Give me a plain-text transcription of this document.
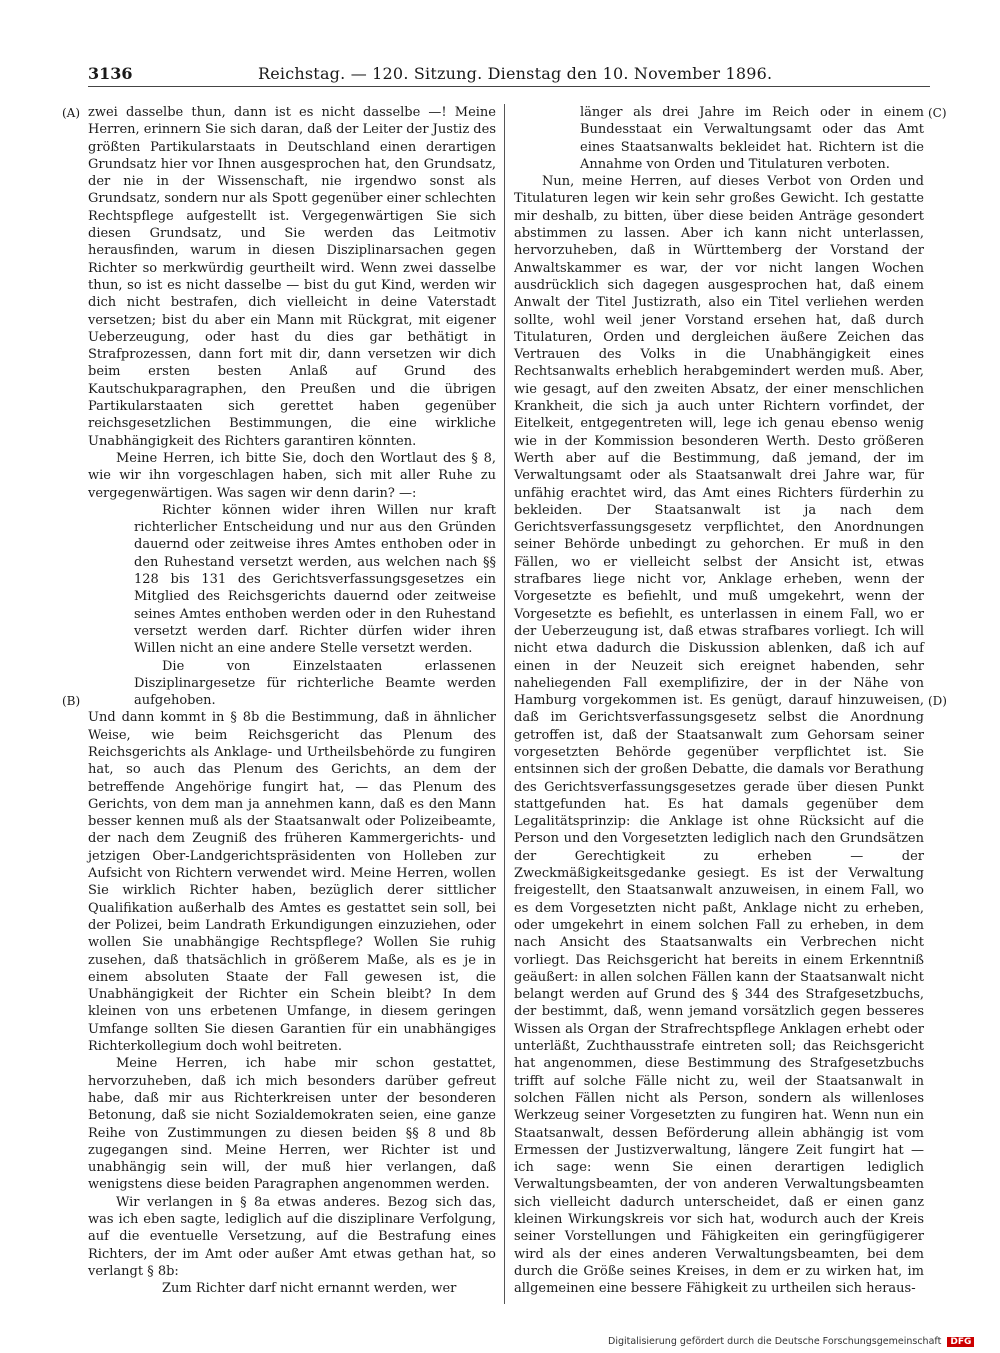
3136	Reichstag. — 120. Sitzung. Dienstag den 10. November 1896.
(A)
(B)
(C)
(D)

zwei dasselbe thun, dann ist es nicht dasselbe —! Meine Herren, erinnern Sie sich daran, daß der Leiter der Justiz des größten Partikularstaats in Deutschland einen derartigen Grundsatz hier vor Ihnen ausgesprochen hat, den Grundsatz, der nie in der Wissenschaft, nie irgendwo sonst als Grundsatz, sondern nur als Spott gegenüber einer schlechten Rechtspflege aufgestellt ist. Vergegenwärtigen Sie sich diesen Grundsatz, und Sie werden das Leitmotiv herausfinden, warum in diesen Disziplinarsachen gegen Richter so merkwürdig geurtheilt wird. Wenn zwei dasselbe thun, so ist es nicht dasselbe — bist du gut Kind, werden wir dich nicht bestrafen, dich vielleicht in deine Vaterstadt versetzen; bist du aber ein Mann mit Rückgrat, mit eigener Ueberzeugung, oder hast du dies gar bethätigt in Strafprozessen, dann fort mit dir, dann versetzen wir dich beim ersten besten Anlaß auf Grund des Kautschukparagraphen, den Preußen und die übrigen Partikularstaaten sich gerettet haben gegenüber reichsgesetzlichen Bestimmungen, die eine wirkliche Unabhängigkeit des Richters garantiren könnten.

Meine Herren, ich bitte Sie, doch den Wortlaut des § 8, wie wir ihn vorgeschlagen haben, sich mit aller Ruhe zu vergegenwärtigen. Was sagen wir denn darin? —:

Richter können wider ihren Willen nur kraft richterlicher Entscheidung und nur aus den Gründen dauernd oder zeitweise ihres Amtes enthoben oder in den Ruhestand versetzt werden, aus welchen nach §§ 128 bis 131 des Gerichtsverfassungsgesetzes ein Mitglied des Reichsgerichts dauernd oder zeitweise seines Amtes enthoben werden oder in den Ruhestand versetzt werden darf. Richter dürfen wider ihren Willen nicht an eine andere Stelle versetzt werden.

Die von Einzelstaaten erlassenen Disziplinargesetze für richterliche Beamte werden aufgehoben.

Und dann kommt in § 8b die Bestimmung, daß in ähnlicher Weise, wie beim Reichsgericht das Plenum des Reichsgerichts als Anklage- und Urtheilsbehörde zu fungiren hat, so auch das Plenum des Gerichts, an dem der betreffende Angehörige fungirt hat, — das Plenum des Gerichts, von dem man ja annehmen kann, daß es den Mann besser kennen muß als der Staatsanwalt oder Polizeibeamte, der nach dem Zeugniß des früheren Kammergerichts- und jetzigen Ober-Landgerichtspräsidenten von Holleben zur Aufsicht von Richtern verwendet wird. Meine Herren, wollen Sie wirklich Richter haben, bezüglich derer sittlicher Qualifikation außerhalb des Amtes es gestattet sein soll, bei der Polizei, beim Landrath Erkundigungen einzuziehen, oder wollen Sie unabhängige Rechtspflege? Wollen Sie ruhig zusehen, daß thatsächlich in größerem Maße, als es je in einem absoluten Staate der Fall gewesen ist, die Unabhängigkeit der Richter ein Schein bleibt? In dem kleinen von uns erbetenen Umfange, in diesem geringen Umfange sollten Sie diesen Garantien für ein unabhängiges Richterkollegium doch wohl beitreten.

Meine Herren, ich habe mir schon gestattet, hervorzuheben, daß ich mich besonders darüber gefreut habe, daß mir aus Richterkreisen unter der besonderen Betonung, daß sie nicht Sozialdemokraten seien, eine ganze Reihe von Zustimmungen zu diesen beiden §§ 8 und 8b zugegangen sind. Meine Herren, wer Richter ist und unabhängig sein will, der muß hier verlangen, daß wenigstens diese beiden Paragraphen angenommen werden.

Wir verlangen in § 8a etwas anderes. Bezog sich das, was ich eben sagte, lediglich auf die disziplinare Verfolgung, auf die eventuelle Versetzung, auf die Bestrafung eines Richters, der im Amt oder außer Amt etwas gethan hat, so verlangt § 8b:

Zum Richter darf nicht ernannt werden, wer

länger als drei Jahre im Reich oder in einem Bundesstaat ein Verwaltungsamt oder das Amt eines Staatsanwalts bekleidet hat. Richtern ist die Annahme von Orden und Titulaturen verboten.

Nun, meine Herren, auf dieses Verbot von Orden und Titulaturen legen wir kein sehr großes Gewicht. Ich gestatte mir deshalb, zu bitten, über diese beiden Anträge gesondert abstimmen zu lassen. Aber ich kann nicht unterlassen, hervorzuheben, daß in Württemberg der Vorstand der Anwaltskammer es war, der vor nicht langen Wochen ausdrücklich sich dagegen ausgesprochen hat, daß einem Anwalt der Titel Justizrath, also ein Titel verliehen werden sollte, wohl weil jener Vorstand ersehen hat, daß durch Titulaturen, Orden und dergleichen äußere Zeichen das Vertrauen des Volks in die Unabhängigkeit eines Rechtsanwalts erheblich herabgemindert werden muß. Aber, wie gesagt, auf den zweiten Absatz, der einer menschlichen Krankheit, die sich ja auch unter Richtern vorfindet, der Eitelkeit, entgegentreten will, lege ich genau ebenso wenig wie in der Kommission besonderen Werth. Desto größeren Werth aber auf die Bestimmung, daß jemand, der im Verwaltungsamt oder als Staatsanwalt drei Jahre war, für unfähig erachtet wird, das Amt eines Richters fürderhin zu bekleiden. Der Staatsanwalt ist ja nach dem Gerichtsverfassungsgesetz verpflichtet, den Anordnungen seiner Behörde unbedingt zu gehorchen. Er muß in den Fällen, wo er vielleicht selbst der Ansicht ist, etwas strafbares liege nicht vor, Anklage erheben, wenn der Vorgesetzte es befiehlt, und muß umgekehrt, wenn der Vorgesetzte es befiehlt, es unterlassen in einem Fall, wo er der Ueberzeugung ist, daß etwas strafbares vorliegt. Ich will nicht etwa dadurch die Diskussion ablenken, daß ich auf einen in der Neuzeit sich ereignet habenden, sehr naheliegenden Fall exemplifizire, der in der Nähe von Hamburg vorgekommen ist. Es genügt, darauf hinzuweisen, daß im Gerichtsverfassungsgesetz selbst die Anordnung getroffen ist, daß der Staatsanwalt zum Gehorsam seiner vorgesetzten Behörde gegenüber verpflichtet ist. Sie entsinnen sich der großen Debatte, die damals vor Berathung des Gerichtsverfassungsgesetzes gerade über diesen Punkt stattgefunden hat. Es hat damals gegenüber dem Legalitätsprinzip: die Anklage ist ohne Rücksicht auf die Person und den Vorgesetzten lediglich nach den Grundsätzen der Gerechtigkeit zu erheben — der Zweckmäßigkeitsgedanke gesiegt. Es ist der Verwaltung freigestellt, den Staatsanwalt anzuweisen, in einem Fall, wo es dem Vorgesetzten nicht paßt, Anklage nicht zu erheben, oder umgekehrt in einem solchen Fall zu erheben, in dem nach Ansicht des Staatsanwalts ein Verbrechen nicht vorliegt. Das Reichsgericht hat bereits in einem Erkenntniß geäußert: in allen solchen Fällen kann der Staatsanwalt nicht belangt werden auf Grund des § 344 des Strafgesetzbuchs, der bestimmt, daß, wenn jemand vorsätzlich gegen besseres Wissen als Organ der Strafrechtspflege Anklagen erhebt oder unterläßt, Zuchthausstrafe eintreten soll; das Reichsgericht hat angenommen, diese Bestimmung des Strafgesetzbuchs trifft auf solche Fälle nicht zu, weil der Staatsanwalt in solchen Fällen nicht als Person, sondern als willenloses Werkzeug seiner Vorgesetzten zu fungiren hat. Wenn nun ein Staatsanwalt, dessen Beförderung allein abhängig ist vom Ermessen der Justizverwaltung, längere Zeit fungirt hat — ich sage: wenn Sie einen derartigen lediglich Verwaltungsbeamten, der von anderen Verwaltungsbeamten sich vielleicht dadurch unterscheidet, daß er einen ganz kleinen Wirkungskreis vor sich hat, wodurch auch der Kreis seiner Vorstellungen und Fähigkeiten ein geringfügigerer wird als der eines anderen Verwaltungsbeamten, bei dem durch die Größe seines Kreises, in dem er zu wirken hat, im allgemeinen eine bessere Fähigkeit zu urtheilen sich heraus-

Digitalisierung gefördert durch die Deutsche Forschungsgemeinschaft DFG
